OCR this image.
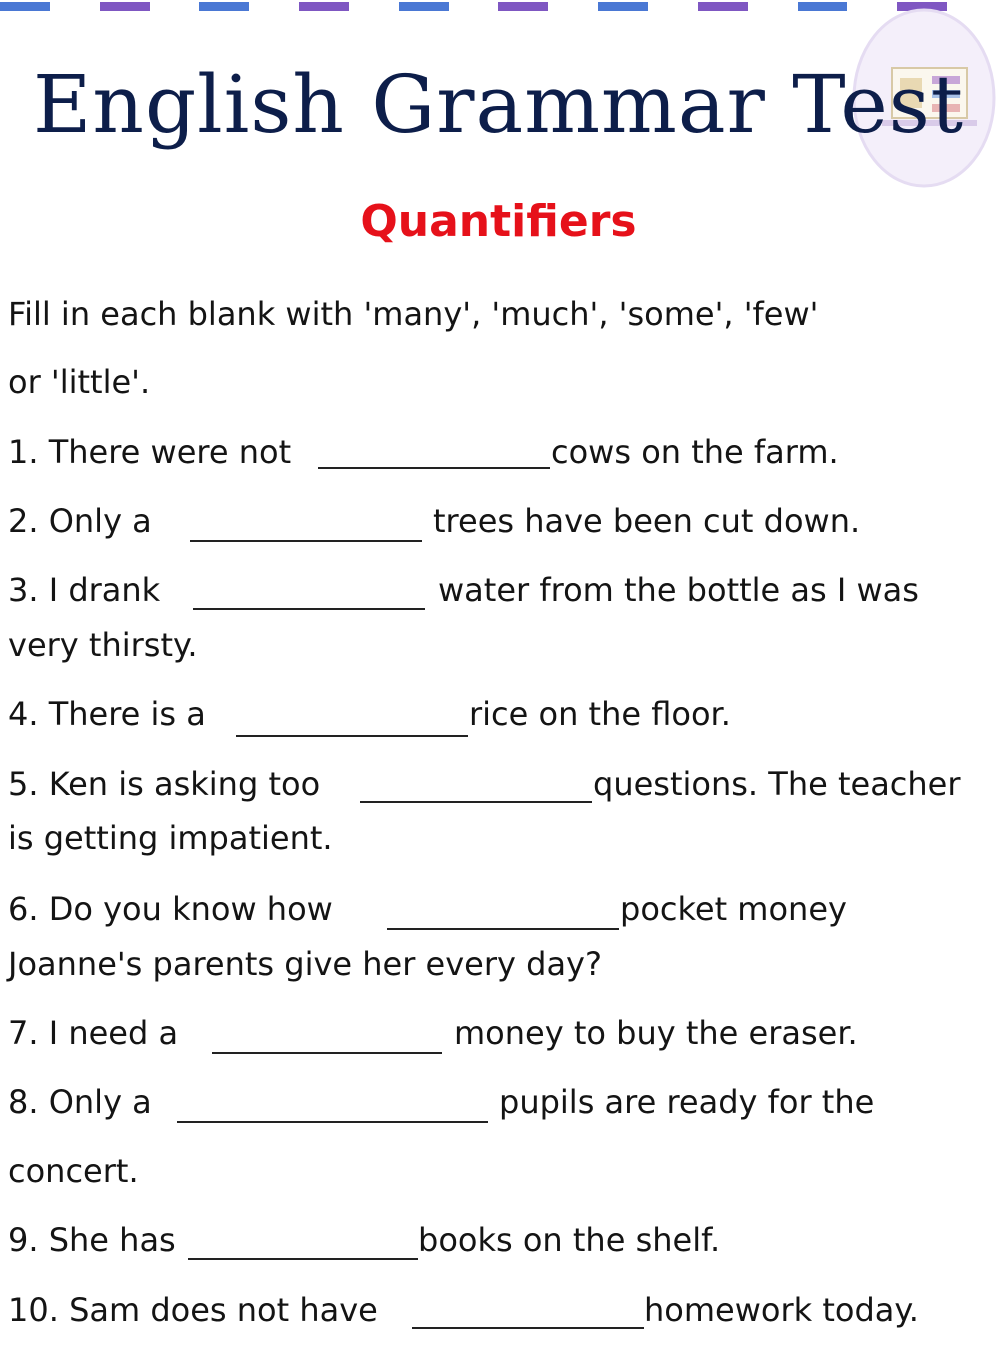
English Grammar Test
Quantifiers
Fill in each blank with 'many', 'much', 'some', 'few'
or 'little'.
1. There were not	cows on the farm.
2. Only a	trees have been cut down.
3. I drank	water from the bottle as I was
very thirsty.
4. There is a	rice on the floor.
5. Ken is asking too	questions. The teacher
is getting impatient.
6. Do you know how	pocket money
Joanne's parents give her every day?
7. I need a	money to buy the eraser.
8. Only a	pupils are ready for the
concert.
9. She has	books on the shelf.
10. Sam does not have	homework today.
